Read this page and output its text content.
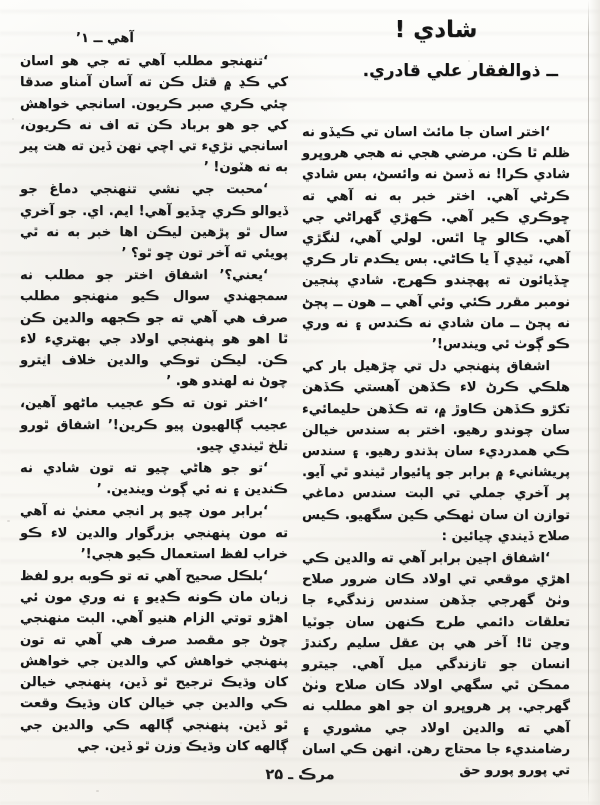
شادي !
ــ ذوالفقار علي قادري.

‘اختر اسان جا مائٽ اسان تي ڪيڏو نه ظلم ٿا ڪن. مرضي هجي نه هجي هروڀرو شادي ڪرا! نه ڏسڻ نه وائسڻ، بس شادي ڪرڻي آهي. اختر خبر به نه آهي ته ڇوڪري ڪير آهي. ڪهڙي گهراڻي جي آهي. ڪالو ڇا اٿس. لولي آهي، لنگڙي آهي، ٽيڍي آ يا ڪاڻي. بس يڪدم تار ڪري ڇڏيائون ته پهچندو ڪهرج. شادي پنجين نومبر مقرر ڪئي وئي آهي ــ هون ــ پڄڻ نه پڄڻ ــ مان شادي نه ڪندس ۽ نه وري ڪو ڳوٺ ئي ويندس!’

اشفاق پنهنجي دل تي چڙهيل بار کي هلڪي ڪرڻ لاء ڪڏهن آهستي ڪڏهن تکڙو ڪڏهن ڪاوڙ ۾، ته ڪڏهن حليمائيء سان چوندو رهيو. اختر به سندس خيالن ڪي همدرديء سان ٻڌندو رهيو. ۽ سندس پريشانيء ۾ برابر جو ڀائيوار ٿيندو ٿي آيو. پر آخري جملي تي البت سندس دماغي توازن ان سان ٺهڪي ڪين سگهيو. ڪيس صلاح ڏيندي چيائين :

‘اشفاق اڄين برابر آهي ته والدين ڪي اهڙي موقعي تي اولاد ڪان ضرور صلاح وٺڻ گهرجي جڏهن سندس زندگيء جا تعلقات دائمي طرح ڪنهن سان جوٽيا وڃن ٿا! آخر هي ٻن عقل سليم رکندڙ انسان جو تازندگي ميل آهي. جيترو ممڪن ٿي سگهي اولاد ڪان صلاح وٺڻ گهرجي. پر هروڀرو ان جو اهو مطلب نه آهي ته والدين اولاد جي مشوري ۽ رضامنديء جا محتاج رهن. انهن ڪي اسان تي پورو پورو حق

آهي ــ ۱’

‘تنهنجو مطلب آهي ته جي هو اسان کي ڪڍ ۾ قتل ڪن ته آسان آمناو صدقا چئي ڪري صبر ڪريون. اسانجي خواهش کي جو هو برباد ڪن ته اف نه ڪريون، اسانجي نڙيء تي اچي نهن ڏين ته هت پير به نه هٽون! ’

‘محبت جي نشي تنهنجي دماغ جو ڏيوالو ڪري ڇڏيو آهي! ايم. اي. جو آخري سال ٿو پڙهين ليڪن اها خبر به نه ٿي پويئي ته آخر تون ڇو ٿو؟ ’

‘يعني؟’ اشفاق اختر جو مطلب نه سمجهندي سوال ڪيو منهنجو مطلب صرف هي آهي ته جو ڪجهه والدين ڪن ٿا اهو هو پنهنجي اولاد جي بهتريء لاء ڪن. ليڪن توڪي والدين خلاف ايترو چوڻ نه لهندو هو. ’

‘اختر تون ته ڪو عجيب ماڻهو آهين، عجيب ڳالهيون پيو ڪرين!’ اشفاق ٿورو تلخ ٿيندي چيو.

‘تو جو هاڻي چيو ته تون شادي نه ڪندين ۽ نه ئي ڳوٺ ويندين. ’

‘برابر مون چيو پر انجي معنيٰ نه آهي ته مون پنهنجي بزرگوار والدين لاء ڪو خراب لفظ استعمال ڪيو هجي!’

‘بلڪل صحيح آهي ته تو ڪوبه برو لفظ زبان مان ڪونه ڪڍيو ۽ نه وري مون ئي اهڙو توتي الزام هنيو آهي. البت منهنجي چوڻ جو مقصد صرف هي آهي ته تون پنهنجي خواهش کي والدين جي خواهش کان وڌيڪ ترجيح ٿو ڏين، پنهنجي خيالن ڪي والدين جي خيالن کان وڌيڪ وقعت ٿو ڏين. پنهنجي ڳالهه ڪي والدين جي ڳالهه کان وڌيڪ وزن ٿو ڏين. جي

مرڪ ـ ۲۵
